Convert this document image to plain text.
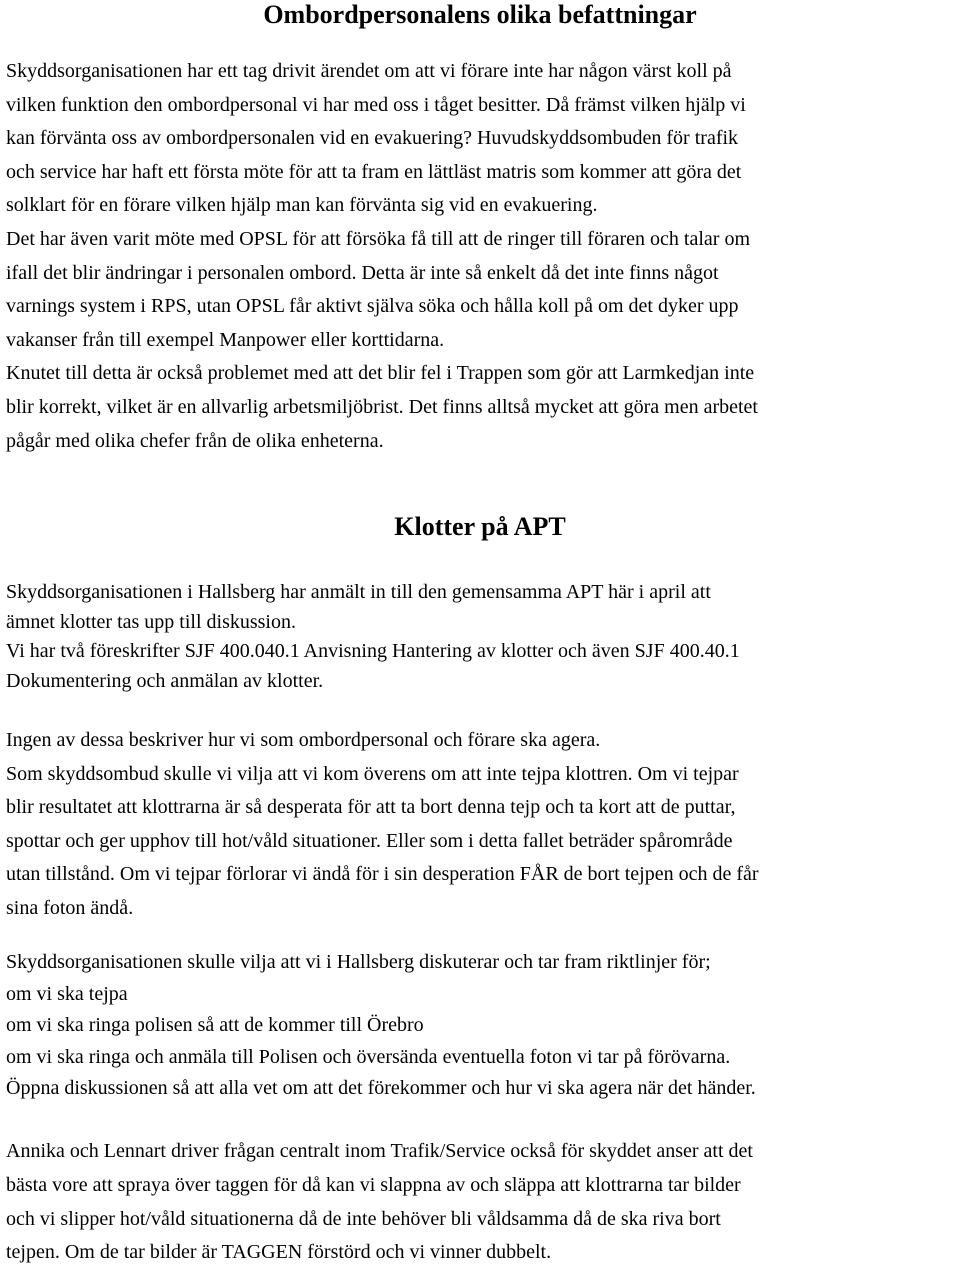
Ombordpersonalens olika befattningar
Skyddsorganisationen har ett tag drivit ärendet om att vi förare inte har någon värst koll på
vilken funktion den ombordpersonal vi har med oss i tåget besitter. Då främst vilken hjälp vi
kan förvänta oss av ombordpersonalen vid en evakuering? Huvudskyddsombuden för trafik
och service har haft ett första möte för att ta fram en lättläst matris som kommer att göra det
solklart för en förare vilken hjälp man kan förvänta sig vid en evakuering.
Det har även varit möte med OPSL för att försöka få till att de ringer till föraren och talar om
ifall det blir ändringar i personalen ombord. Detta är inte så enkelt då det inte finns något
varnings system i RPS, utan OPSL får aktivt själva söka och hålla koll på om det dyker upp
vakanser från till exempel Manpower eller korttidarna.
Knutet till detta är också problemet med att det blir fel i Trappen som gör att Larmkedjan inte
blir korrekt, vilket är en allvarlig arbetsmiljöbrist. Det finns alltså mycket att göra men arbetet
pågår med olika chefer från de olika enheterna.
Klotter på APT
Skyddsorganisationen i Hallsberg har anmält in till den gemensamma APT här i april att
ämnet klotter tas upp till diskussion.
Vi har två föreskrifter SJF 400.040.1 Anvisning Hantering av klotter och även SJF 400.40.1
Dokumentering och anmälan av klotter.
Ingen av dessa beskriver hur vi som ombordpersonal och förare ska agera.
Som skyddsombud skulle vi vilja att vi kom överens om att inte tejpa klottren. Om vi tejpar
blir resultatet att klottrarna är så desperata för att ta bort denna tejp och ta kort att de puttar,
spottar och ger upphov till hot/våld situationer. Eller som i detta fallet beträder spårområde
utan tillstånd. Om vi tejpar förlorar vi ändå för i sin desperation FÅR de bort tejpen och de får
sina foton ändå.
Skyddsorganisationen skulle vilja att vi i Hallsberg diskuterar och tar fram riktlinjer för;
om vi ska tejpa
om vi ska ringa polisen så att de kommer till Örebro
om vi ska ringa och anmäla till Polisen och översända eventuella foton vi tar på förövarna.
Öppna diskussionen så att alla vet om att det förekommer och hur vi ska agera när det händer.
Annika och Lennart driver frågan centralt inom Trafik/Service också för skyddet anser att det
bästa vore att spraya över taggen för då kan vi slappna av och släppa att klottrarna tar bilder
och vi slipper hot/våld situationerna då de inte behöver bli våldsamma då de ska riva bort
tejpen. Om de tar bilder är TAGGEN förstörd och vi vinner dubbelt.
